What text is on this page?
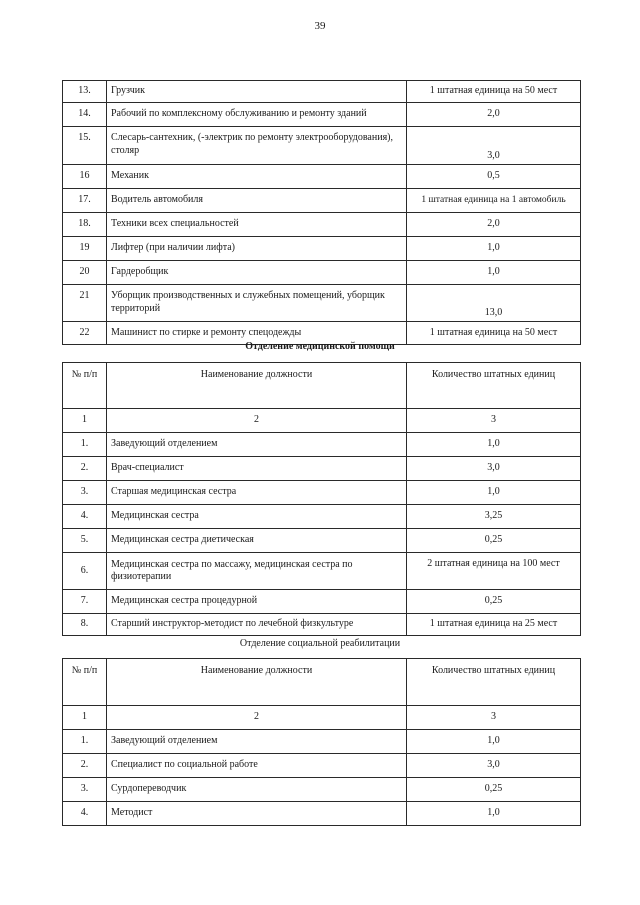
39
13.	Грузчик	1 штатная единица на 50 мест
14.	Рабочий по комплексному обслуживанию и ремонту зданий	2,0
15.	Слесарь-сантехник, (-электрик по ремонту электрооборудования), столяр	3,0
16	Механик	0,5
17.	Водитель автомобиля	1 штатная единица на 1 автомобиль
18.	Техники всех специальностей	2,0
19	Лифтер (при наличии лифта)	1,0
20	Гардеробщик	1,0
21	Уборщик производственных и служебных помещений, уборщик территорий	13,0
22	Машинист по стирке и ремонту спецодежды	1 штатная единица на 50 мест
Отделение медицинской помощи
№ п/п	Наименование должности	Количество штатных единиц
1	2	3
1.	Заведующий отделением	1,0
2.	Врач-специалист	3,0
3.	Старшая медицинская сестра	1,0
4.	Медицинская сестра	3,25
5.	Медицинская сестра диетическая	0,25
6.	Медицинская сестра по массажу, медицинская сестра по физиотерапии	2 штатная единица на 100 мест
7.	Медицинская сестра процедурной	0,25
8.	Старший инструктор-методист по лечебной физкультуре	1 штатная единица на 25 мест
Отделение социальной реабилитации
№ п/п	Наименование должности	Количество штатных единиц
1	2	3
1.	Заведующий отделением	1,0
2.	Специалист по социальной работе	3,0
3.	Сурдопереводчик	0,25
4.	Методист	1,0
